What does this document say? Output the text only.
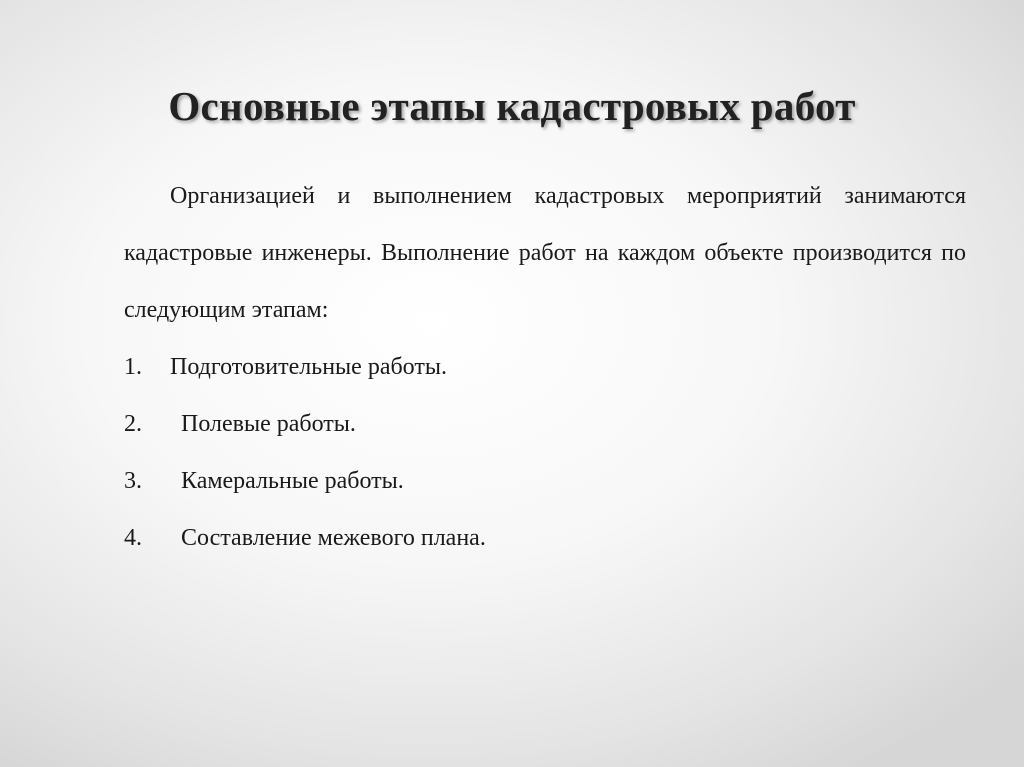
Основные этапы кадастровых работ

Организацией и выполнением кадастровых мероприятий занимаются кадастровые инженеры. Выполнение работ на каждом объекте производится по следующим этапам:

1. Подготовительные работы.
2. Полевые работы.
3. Камеральные работы.
4. Составление межевого плана.
